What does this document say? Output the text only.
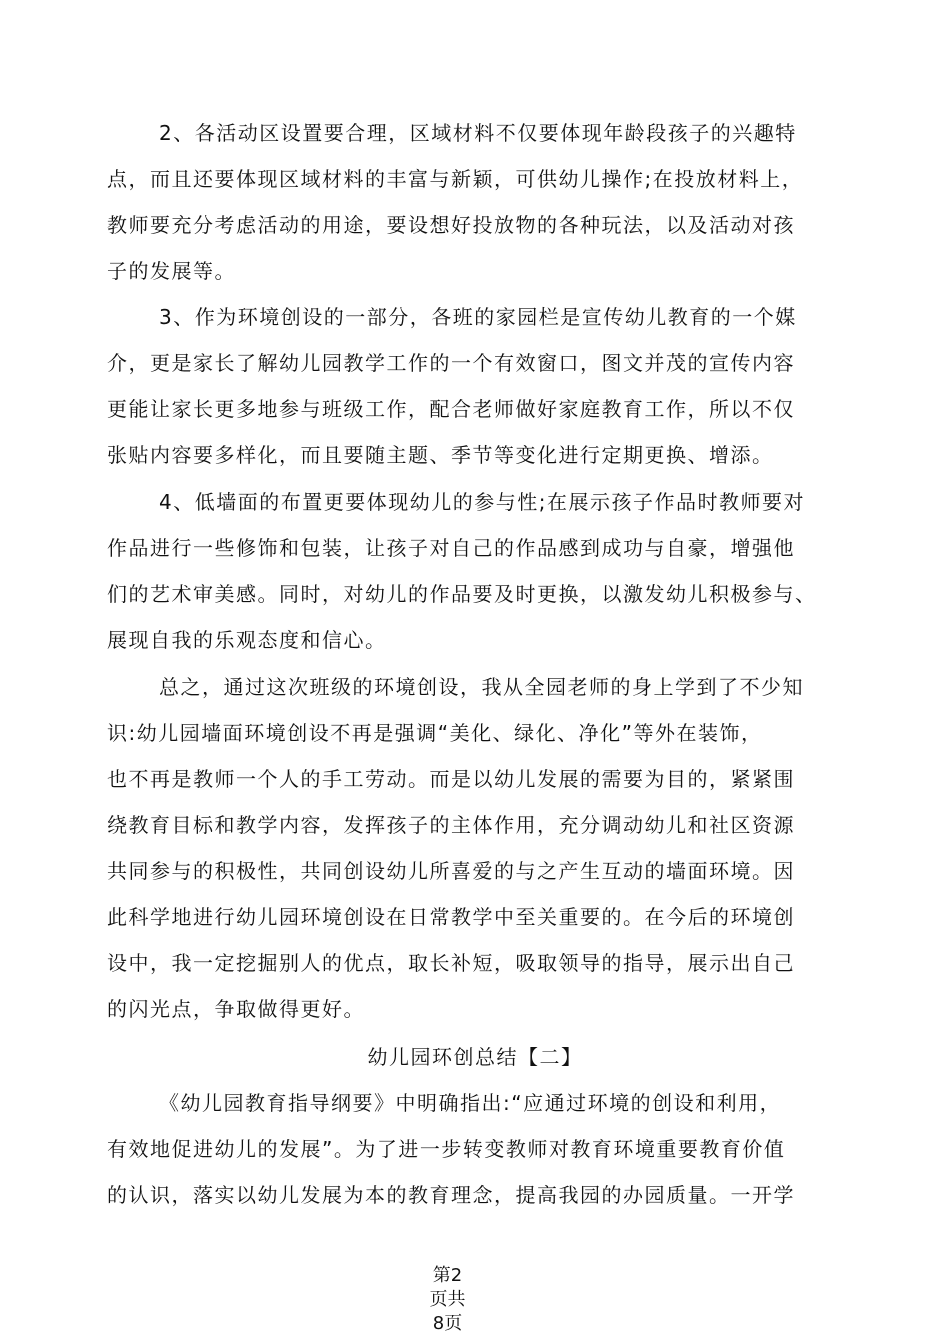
2、各活动区设置要合理，区域材料不仅要体现年龄段孩子的兴趣特
点，而且还要体现区域材料的丰富与新颖，可供幼儿操作;在投放材料上，
教师要充分考虑活动的用途，要设想好投放物的各种玩法，以及活动对孩
子的发展等。

3、作为环境创设的一部分，各班的家园栏是宣传幼儿教育的一个媒
介，更是家长了解幼儿园教学工作的一个有效窗口，图文并茂的宣传内容
更能让家长更多地参与班级工作，配合老师做好家庭教育工作，所以不仅
张贴内容要多样化，而且要随主题、季节等变化进行定期更换、增添。

4、低墙面的布置更要体现幼儿的参与性;在展示孩子作品时教师要对
作品进行一些修饰和包装，让孩子对自己的作品感到成功与自豪，增强他
们的艺术审美感。同时，对幼儿的作品要及时更换，以激发幼儿积极参与、
展现自我的乐观态度和信心。

总之，通过这次班级的环境创设，我从全园老师的身上学到了不少知
识:幼儿园墙面环境创设不再是强调“美化、绿化、净化”等外在装饰，
也不再是教师一个人的手工劳动。而是以幼儿发展的需要为目的，紧紧围
绕教育目标和教学内容，发挥孩子的主体作用，充分调动幼儿和社区资源
共同参与的积极性，共同创设幼儿所喜爱的与之产生互动的墙面环境。因
此科学地进行幼儿园环境创设在日常教学中至关重要的。在今后的环境创
设中，我一定挖掘别人的优点，取长补短，吸取领导的指导，展示出自己
的闪光点，争取做得更好。

幼儿园环创总结【二】

《幼儿园教育指导纲要》中明确指出:“应通过环境的创设和利用，
有效地促进幼儿的发展”。为了进一步转变教师对教育环境重要教育价值
的认识，落实以幼儿发展为本的教育理念，提高我园的办园质量。一开学

第2
页共
8页
